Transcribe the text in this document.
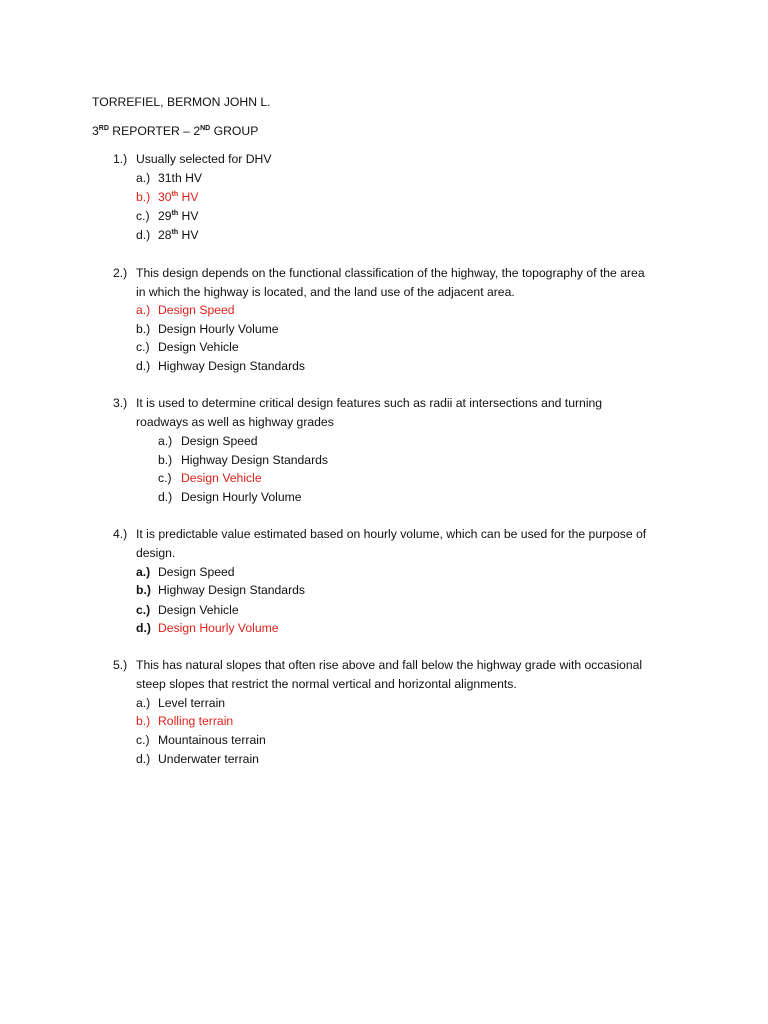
TORREFIEL, BERMON JOHN L.
3RD REPORTER – 2ND GROUP
1.) Usually selected for DHV
a.) 31th HV
b.) 30th HV
c.) 29th HV
d.) 28th HV
2.) This design depends on the functional classification of the highway, the topography of the area
in which the highway is located, and the land use of the adjacent area.
a.) Design Speed
b.) Design Hourly Volume
c.) Design Vehicle
d.) Highway Design Standards
3.) It is used to determine critical design features such as radii at intersections and turning
roadways as well as highway grades
a.) Design Speed
b.) Highway Design Standards
c.) Design Vehicle
d.) Design Hourly Volume
4.) It is predictable value estimated based on hourly volume, which can be used for the purpose of
design.
a.) Design Speed
b.) Highway Design Standards
c.) Design Vehicle
d.) Design Hourly Volume
5.) This has natural slopes that often rise above and fall below the highway grade with occasional
steep slopes that restrict the normal vertical and horizontal alignments.
a.) Level terrain
b.) Rolling terrain
c.) Mountainous terrain
d.) Underwater terrain
